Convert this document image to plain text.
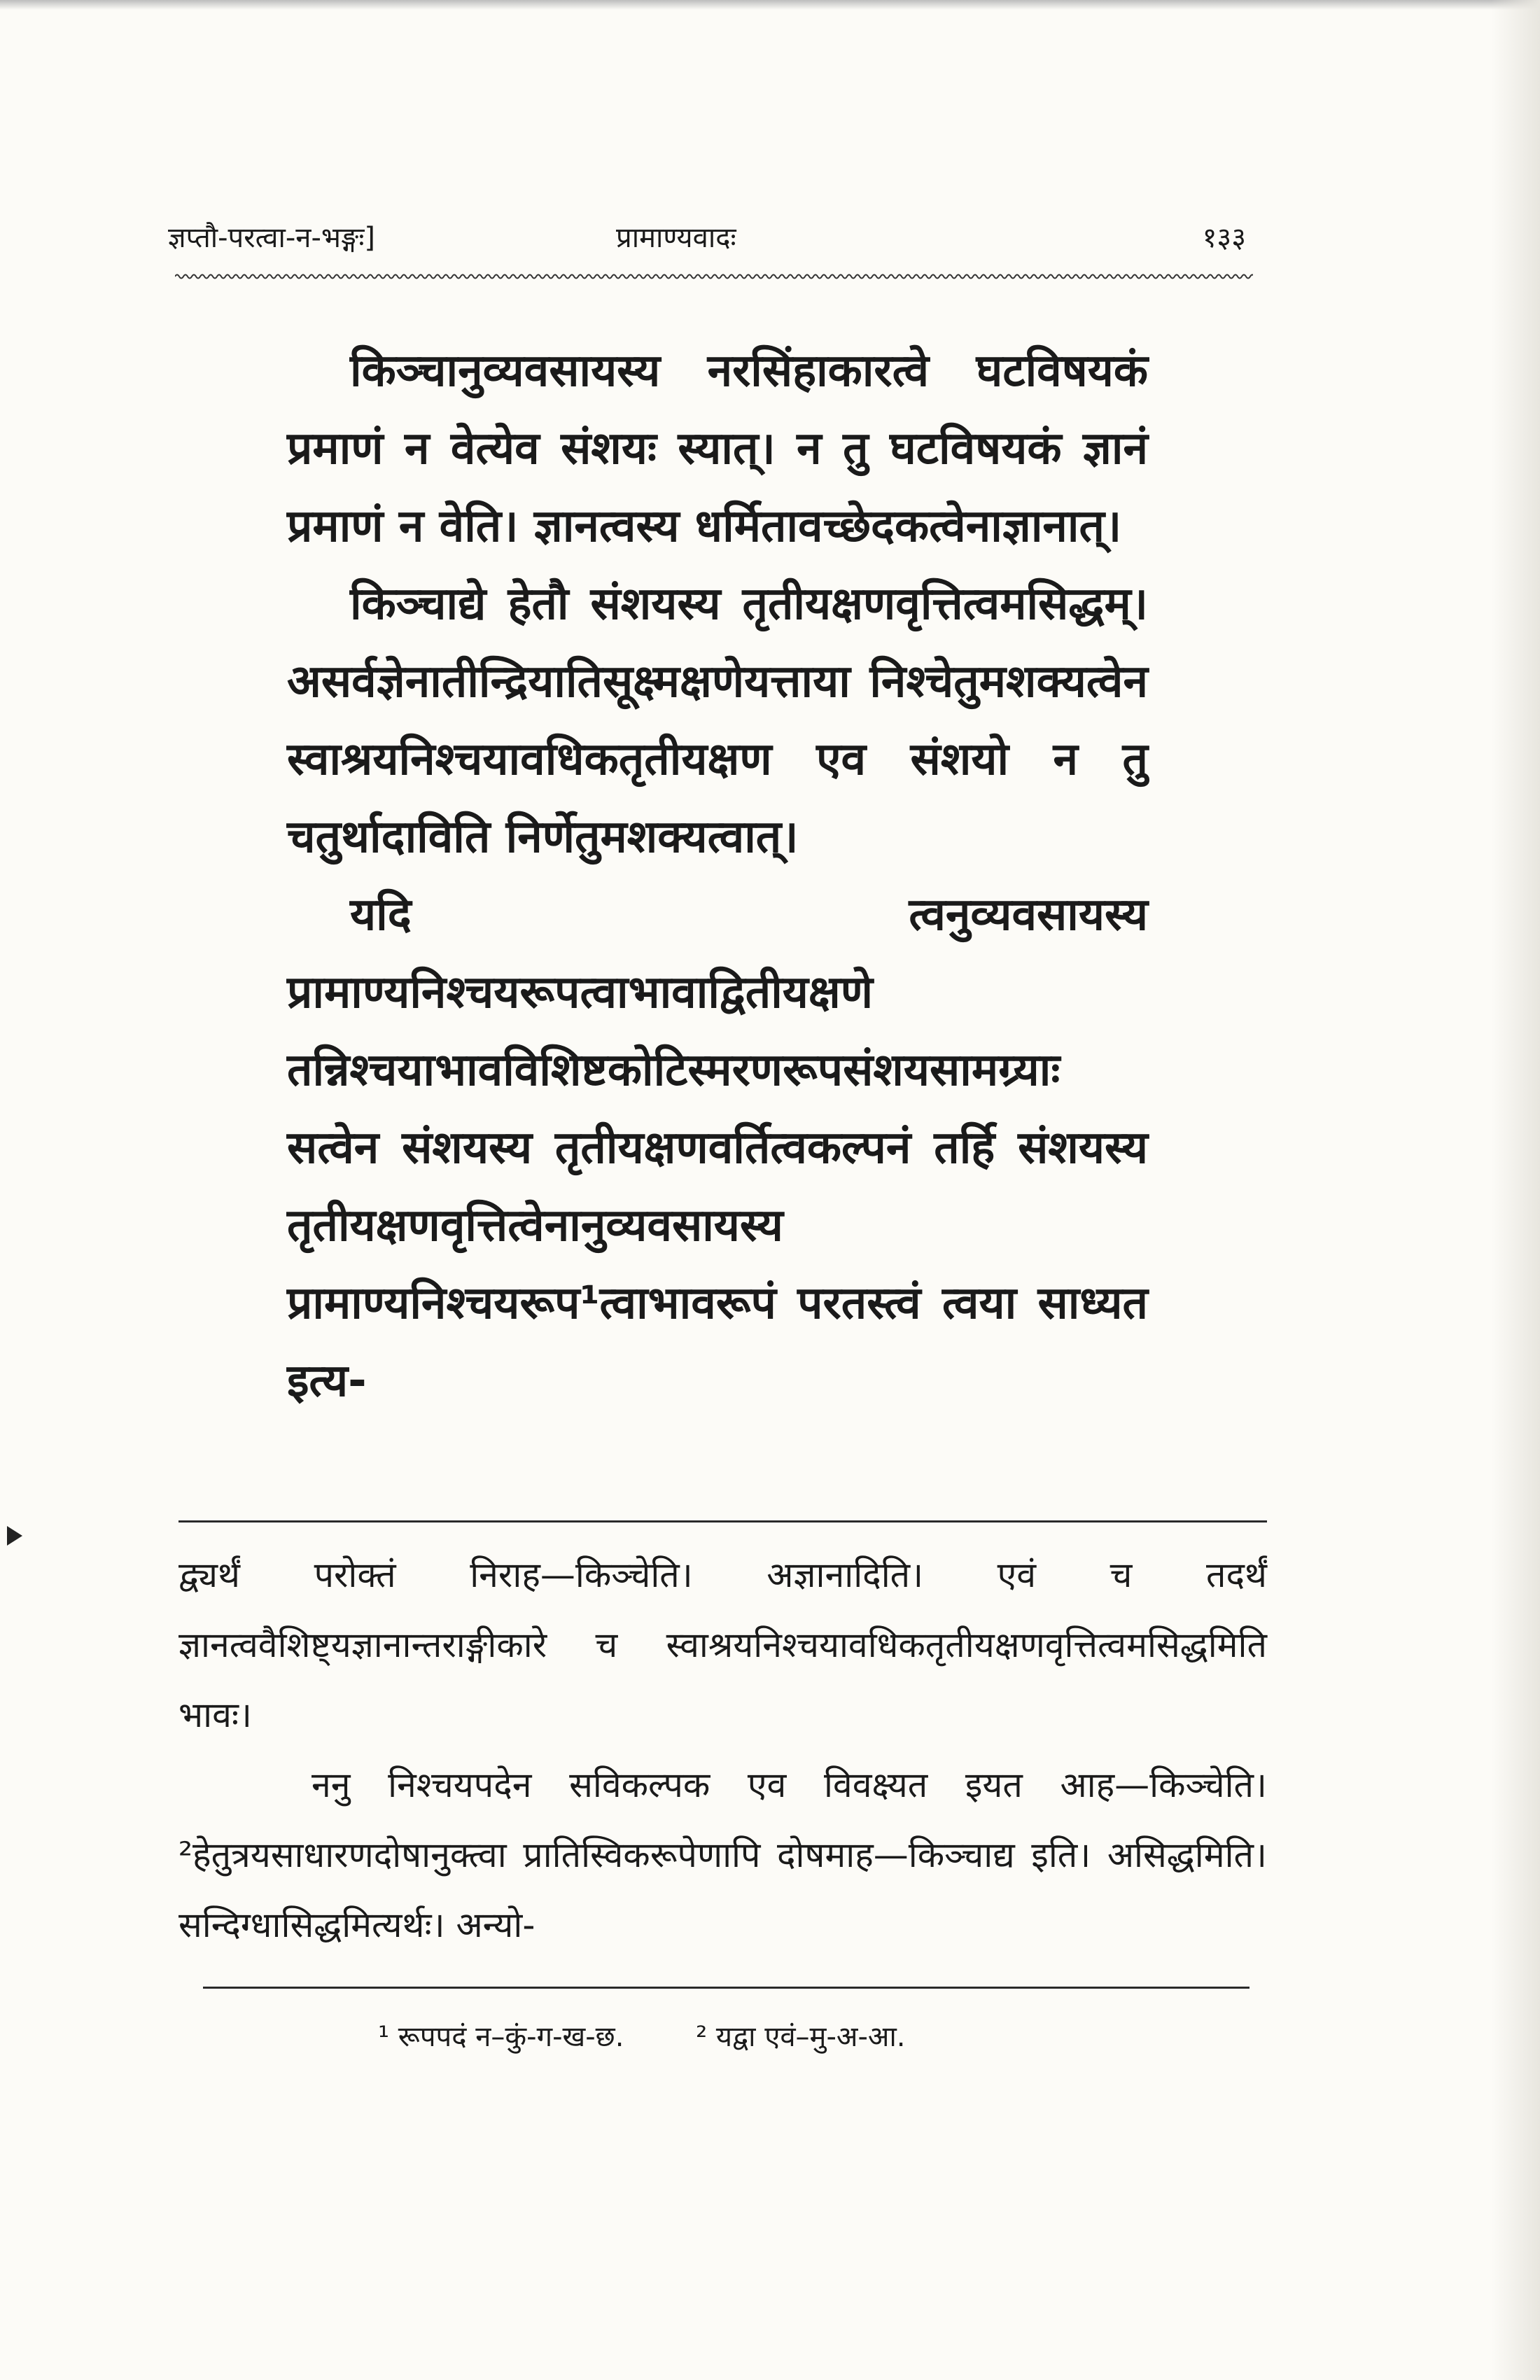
ज्ञप्तौ-परत्वा-न-भङ्गः]	प्रामाण्यवादः	१३३

किञ्चानुव्यवसायस्य नरसिंहाकारत्वे घटविषयकं प्रमाणं न वेत्येव संशयः स्यात्। न तु घटविषयकं ज्ञानं प्रमाणं न वेति। ज्ञानत्वस्य धर्मितावच्छेदकत्वेनाज्ञानात्।

किञ्चाद्ये हेतौ संशयस्य तृतीयक्षणवृत्तित्वमसिद्धम्। असर्वज्ञेनातीन्द्रियातिसूक्ष्मक्षणेयत्ताया निश्चेतुमशक्यत्वेन स्वाश्रयनिश्चयावधिकतृतीयक्षण एव संशयो न तु चतुर्थादाविति निर्णेतुमशक्यत्वात्।

यदि त्वनुव्यवसायस्य प्रामाण्यनिश्चयरूपत्वाभावाद्वितीयक्षणे तन्निश्चयाभावविशिष्टकोटिस्मरणरूपसंशयसामग्र्याः सत्वेन संशयस्य तृतीयक्षणवर्तित्वकल्पनं तर्हि संशयस्य तृतीयक्षणवृत्तित्वेनानुव्यवसायस्य प्रामाण्यनिश्चयरूप¹त्वाभावरूपं परतस्त्वं त्वया साध्यत इत्य-

द्व्यर्थं परोक्तं निराह—किञ्चेति। अज्ञानादिति। एवं च तदर्थं ज्ञानत्ववैशिष्ट्यज्ञानान्तराङ्गीकारे च स्वाश्रयनिश्चयावधिकतृतीयक्षणवृत्तित्वमसिद्धमिति भावः।

ननु निश्चयपदेन सविकल्पक एव विवक्ष्यत इयत आह—किञ्चेति। ²हेतुत्रयसाधारणदोषानुक्त्वा प्रातिस्विकरूपेणापि दोषमाह—किञ्चाद्य इति। असिद्धमिति। सन्दिग्धासिद्धमित्यर्थः। अन्यो-

¹ रूपपदं न–कुं-ग-ख-छ.	² यद्वा एवं–मु-अ-आ.
